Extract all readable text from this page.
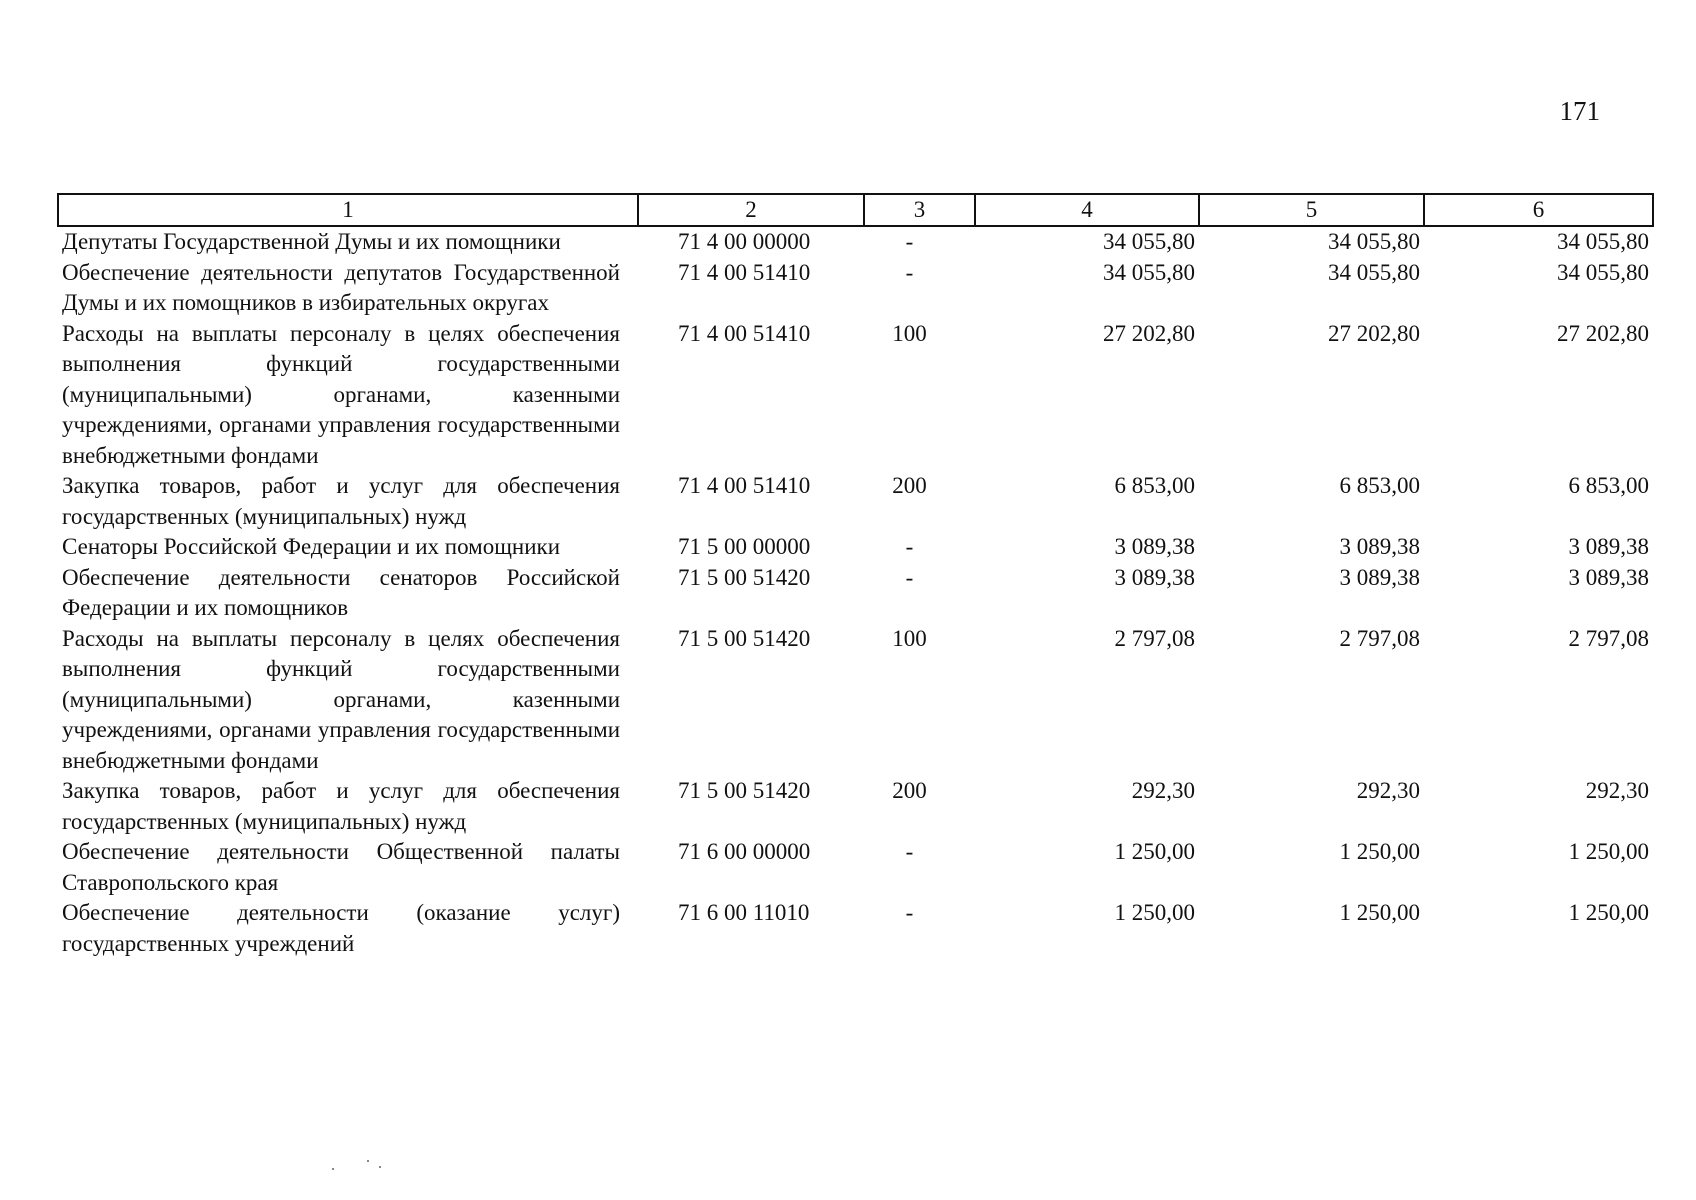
171
1	2	3	4	5	6
Депутаты Государственной Думы и их помощники	71 4 00 00000	-	34 055,80	34 055,80	34 055,80
Обеспечение деятельности депутатов Государственной Думы и их помощников в избирательных округах	71 4 00 51410	-	34 055,80	34 055,80	34 055,80
Расходы на выплаты персоналу в целях обеспечения выполнения функций государственными (муниципальными) органами, казенными учреждениями, органами управления государственными внебюджетными фондами	71 4 00 51410	100	27 202,80	27 202,80	27 202,80
Закупка товаров, работ и услуг для обеспечения государственных (муниципальных) нужд	71 4 00 51410	200	6 853,00	6 853,00	6 853,00
Сенаторы Российской Федерации и их помощники	71 5 00 00000	-	3 089,38	3 089,38	3 089,38
Обеспечение деятельности сенаторов Российской Федерации и их помощников	71 5 00 51420	-	3 089,38	3 089,38	3 089,38
Расходы на выплаты персоналу в целях обеспечения выполнения функций государственными (муниципальными) органами, казенными учреждениями, органами управления государственными внебюджетными фондами	71 5 00 51420	100	2 797,08	2 797,08	2 797,08
Закупка товаров, работ и услуг для обеспечения государственных (муниципальных) нужд	71 5 00 51420	200	292,30	292,30	292,30
Обеспечение деятельности Общественной палаты Ставропольского края	71 6 00 00000	-	1 250,00	1 250,00	1 250,00
Обеспечение деятельности (оказание услуг) государственных учреждений	71 6 00 11010	-	1 250,00	1 250,00	1 250,00
